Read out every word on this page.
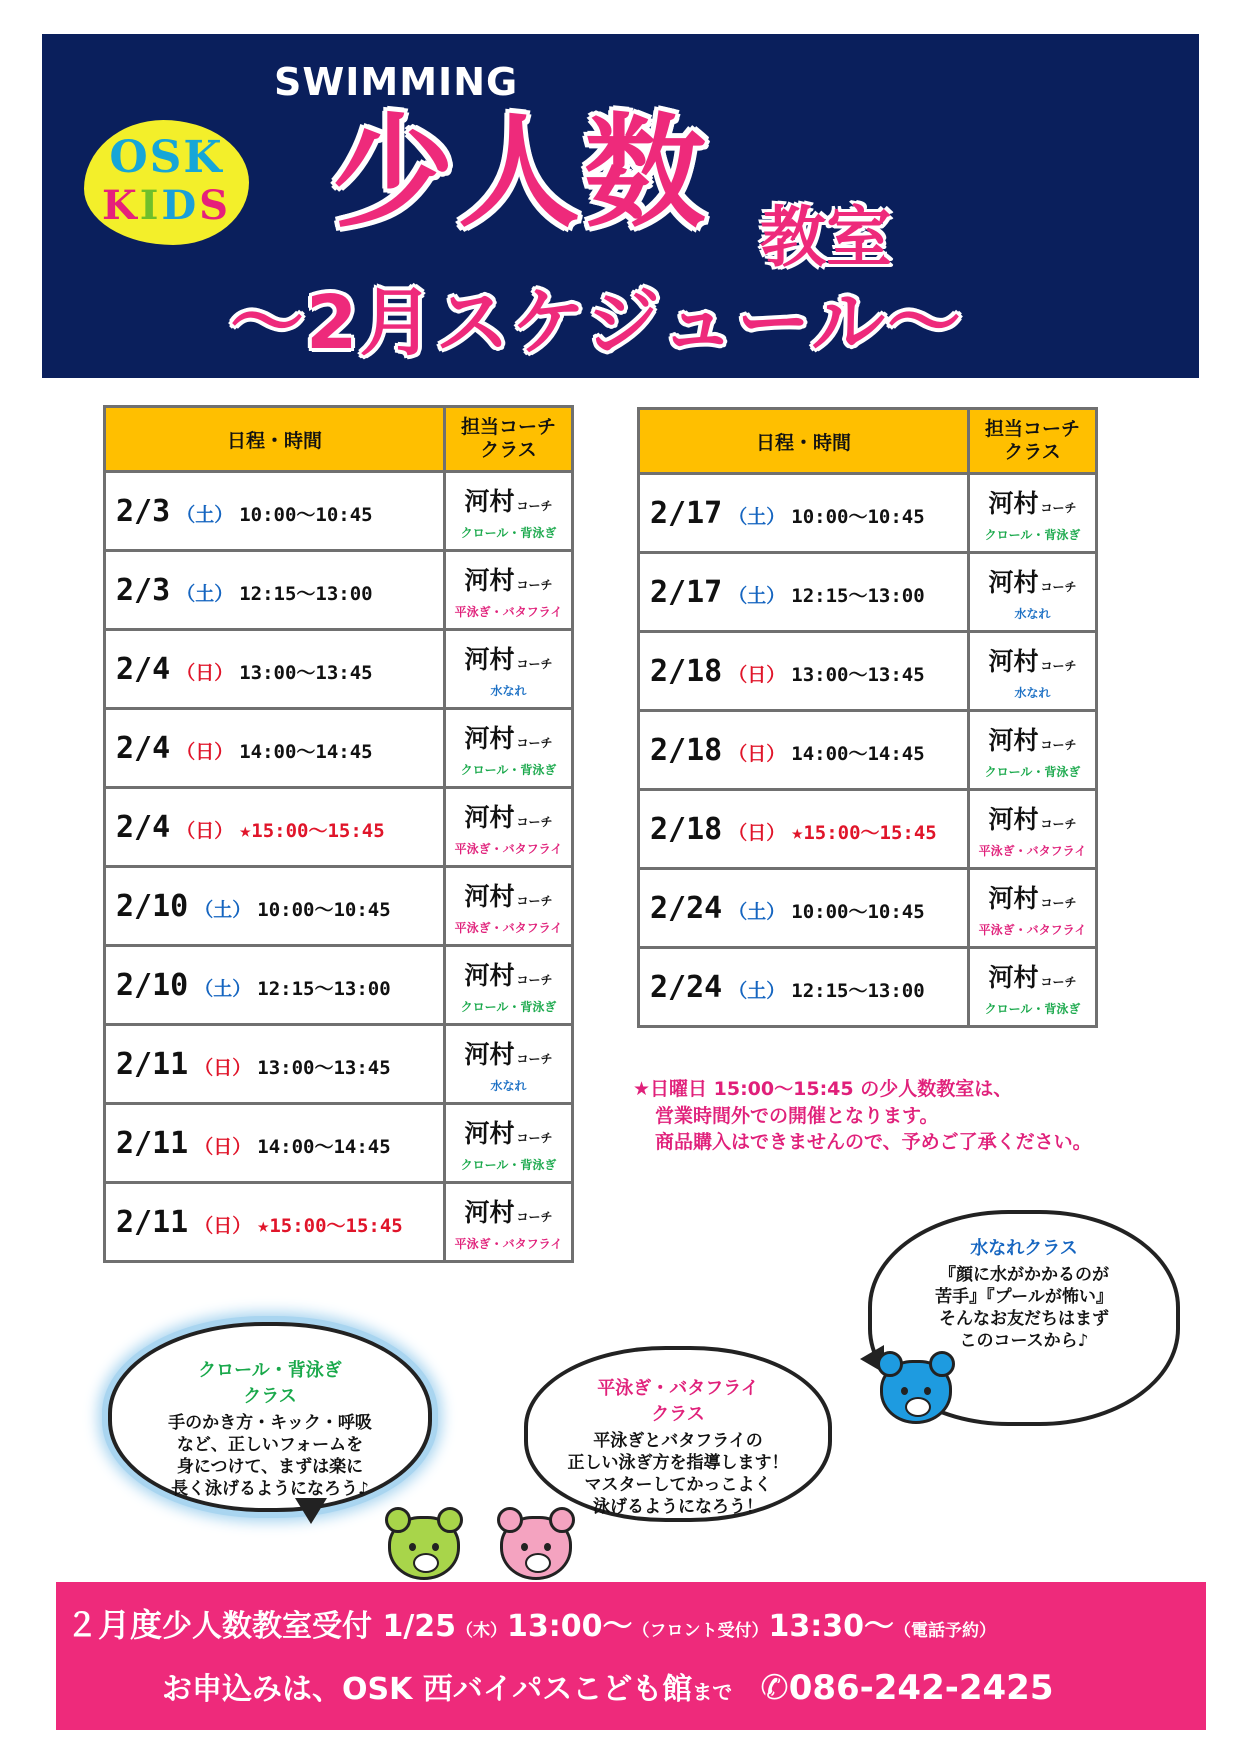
SWIMMING
OSK
KIDS 少人数 教室
～2月スケジュール～
日程・時間	担当コーチ
クラス
2/3 （土） 10:00～10:45	河村 コーチ
クロール・背泳ぎ

2/3 （土） 12:15～13:00	河村 コーチ
平泳ぎ・バタフライ

2/4 （日） 13:00～13:45	河村 コーチ
水なれ

2/4 （日） 14:00～14:45	河村 コーチ
クロール・背泳ぎ

2/4 （日） ★15:00～15:45	河村 コーチ
平泳ぎ・バタフライ

2/10 （土） 10:00～10:45	河村 コーチ
平泳ぎ・バタフライ

2/10 （土） 12:15～13:00	河村 コーチ
クロール・背泳ぎ

2/11 （日） 13:00～13:45	河村 コーチ
水なれ

2/11 （日） 14:00～14:45	河村 コーチ
クロール・背泳ぎ

2/11 （日） ★15:00～15:45	河村 コーチ
平泳ぎ・バタフライ
日程・時間	担当コーチ
クラス
2/17 （土） 10:00～10:45	河村 コーチ
クロール・背泳ぎ

2/17 （土） 12:15～13:00	河村 コーチ
水なれ

2/18 （日） 13:00～13:45	河村 コーチ
水なれ

2/18 （日） 14:00～14:45	河村 コーチ
クロール・背泳ぎ

2/18 （日） ★15:00～15:45	河村 コーチ
平泳ぎ・バタフライ

2/24 （土） 10:00～10:45	河村 コーチ
平泳ぎ・バタフライ

2/24 （土） 12:15～13:00	河村 コーチ
クロール・背泳ぎ
★日曜日 15:00～15:45 の少人数教室は、
営業時間外での開催となります。
商品購入はできませんので、予めご了承ください。
水なれクラス
『顔に水がかかるのが
苦手』『プールが怖い』
そんなお友だちはまず
このコースから♪
クロール・背泳ぎ
クラス
手のかき方・キック・呼吸
など、正しいフォームを
身につけて、まずは楽に
長く泳げるようになろう♪
平泳ぎ・バタフライ
クラス
平泳ぎとバタフライの
正しい泳ぎ方を指導します！
マスターしてかっこよく
泳げるようになろう！
２月度少人数教室受付 1/25（木）13:00～（フロント受付）13:30～（電話予約）
お申込みは、OSK 西バイパスこども館まで ✆086-242-2425
